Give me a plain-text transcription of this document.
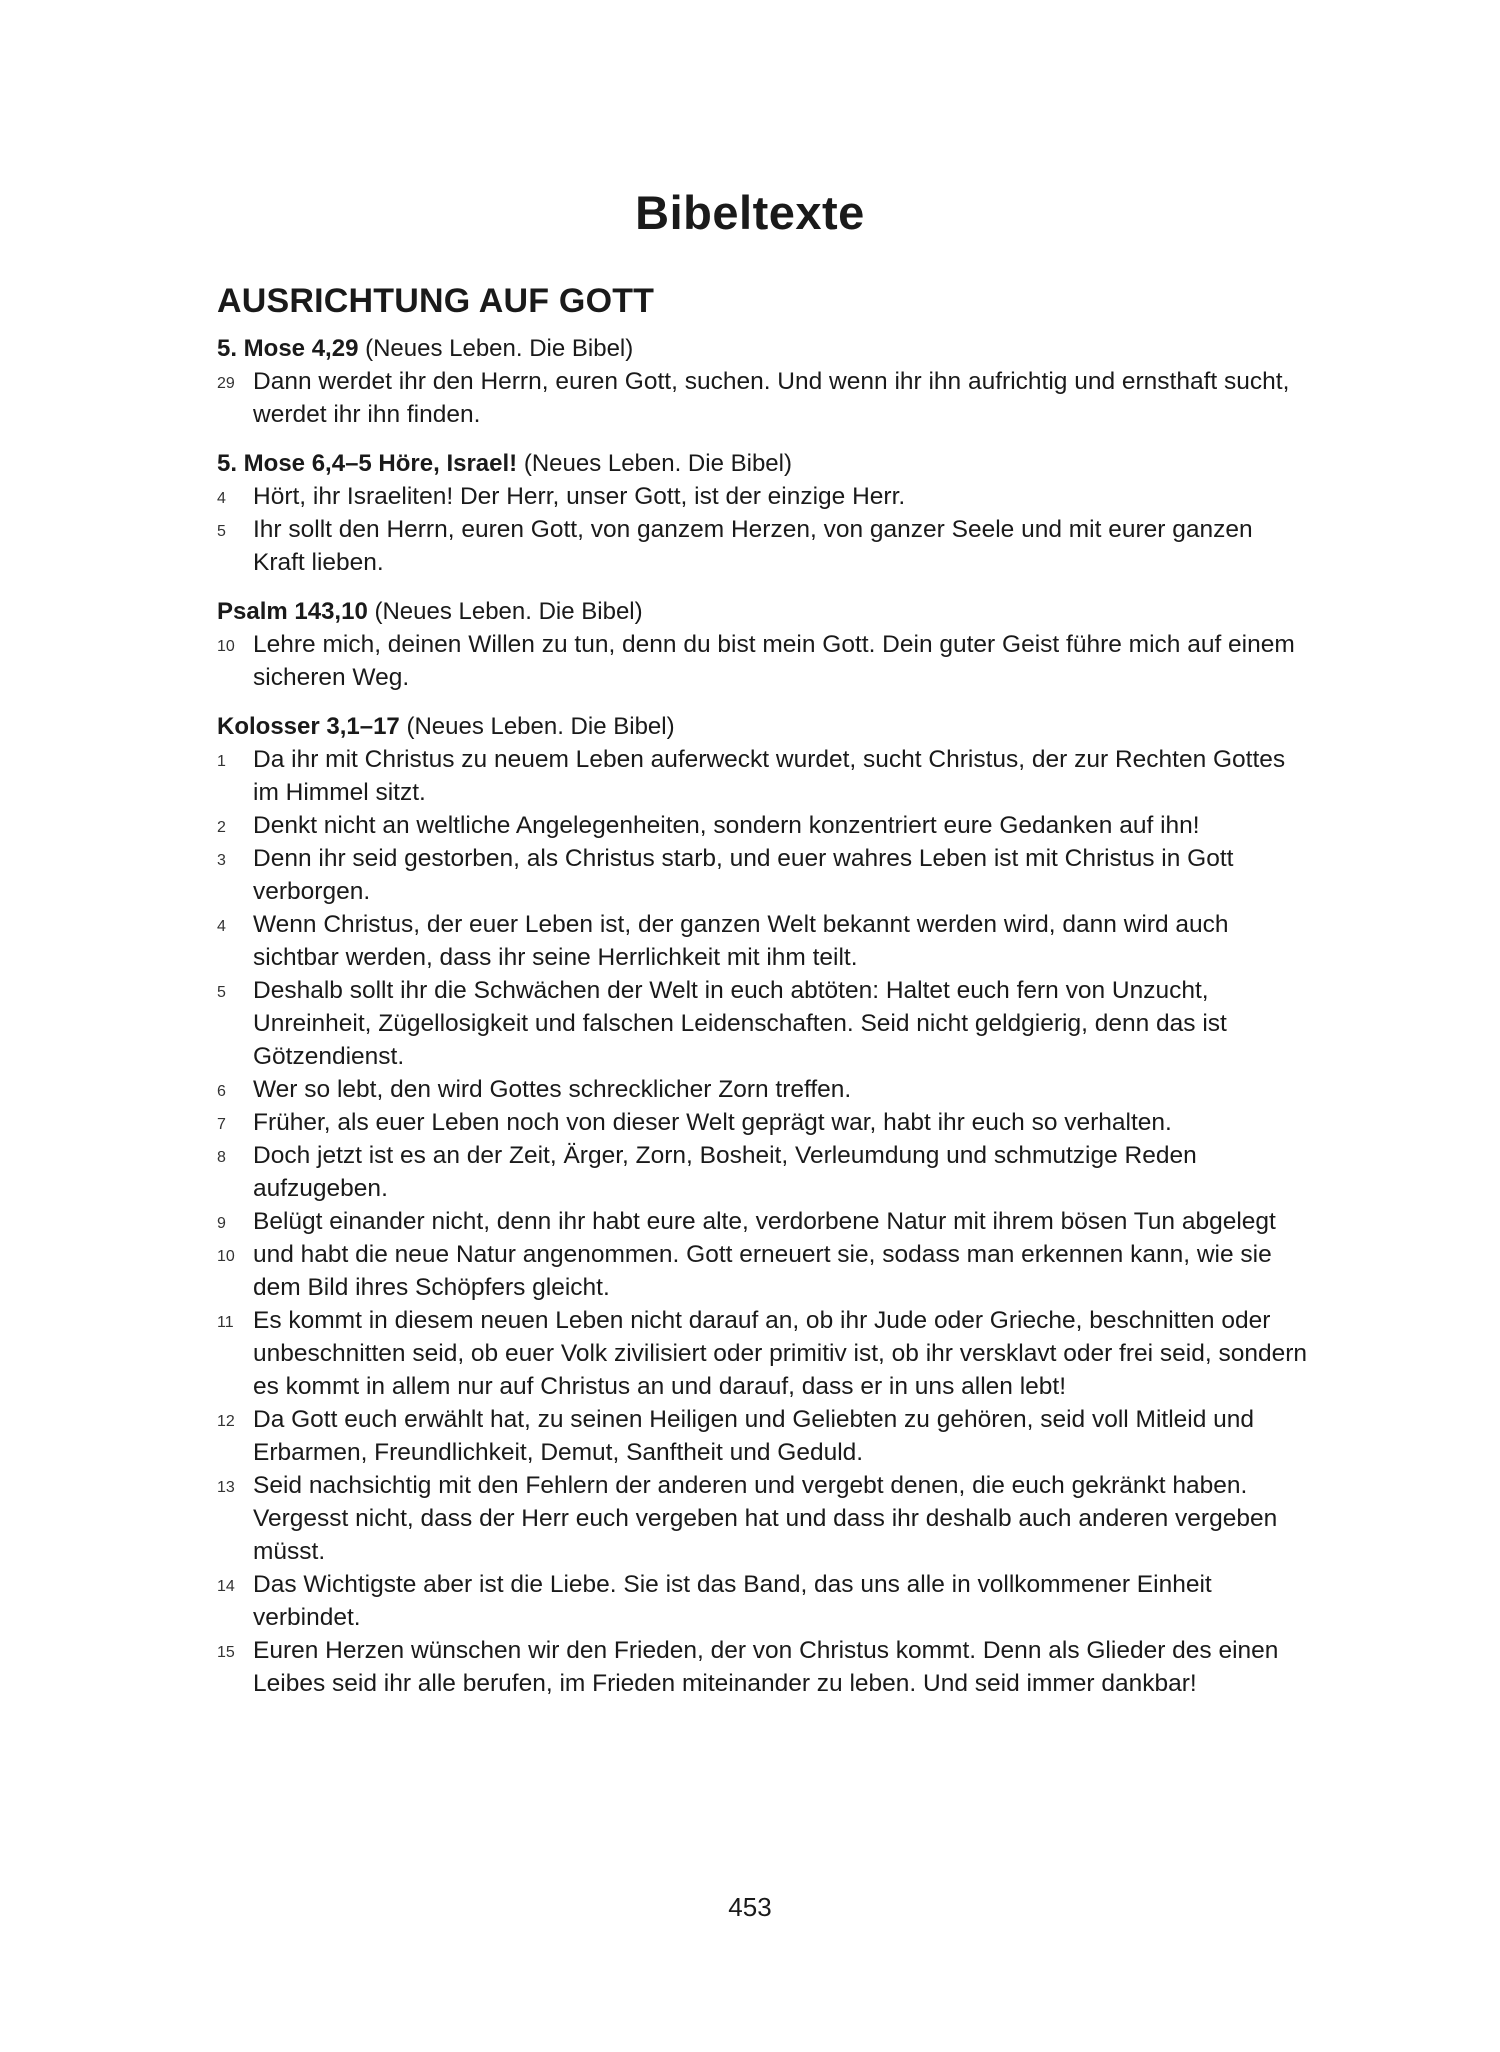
Bibeltexte
AUSRICHTUNG AUF GOTT
5. Mose 4,29 (Neues Leben. Die Bibel)
29 Dann werdet ihr den Herrn, euren Gott, suchen. Und wenn ihr ihn aufrichtig und ernsthaft sucht, werdet ihr ihn finden.
5. Mose 6,4–5 Höre, Israel! (Neues Leben. Die Bibel)
4 Hört, ihr Israeliten! Der Herr, unser Gott, ist der einzige Herr.
5 Ihr sollt den Herrn, euren Gott, von ganzem Herzen, von ganzer Seele und mit eurer ganzen Kraft lieben.
Psalm 143,10 (Neues Leben. Die Bibel)
10 Lehre mich, deinen Willen zu tun, denn du bist mein Gott. Dein guter Geist führe mich auf einem sicheren Weg.
Kolosser 3,1–17 (Neues Leben. Die Bibel)
1 Da ihr mit Christus zu neuem Leben auferweckt wurdet, sucht Christus, der zur Rechten Gottes im Himmel sitzt.
2 Denkt nicht an weltliche Angelegenheiten, sondern konzentriert eure Gedanken auf ihn!
3 Denn ihr seid gestorben, als Christus starb, und euer wahres Leben ist mit Christus in Gott verborgen.
4 Wenn Christus, der euer Leben ist, der ganzen Welt bekannt werden wird, dann wird auch sichtbar werden, dass ihr seine Herrlichkeit mit ihm teilt.
5 Deshalb sollt ihr die Schwächen der Welt in euch abtöten: Haltet euch fern von Unzucht, Unreinheit, Zügellosigkeit und falschen Leidenschaften. Seid nicht geldgierig, denn das ist Götzendienst.
6 Wer so lebt, den wird Gottes schrecklicher Zorn treffen.
7 Früher, als euer Leben noch von dieser Welt geprägt war, habt ihr euch so verhalten.
8 Doch jetzt ist es an der Zeit, Ärger, Zorn, Bosheit, Verleumdung und schmutzige Reden aufzugeben.
9 Belügt einander nicht, denn ihr habt eure alte, verdorbene Natur mit ihrem bösen Tun abgelegt
10 und habt die neue Natur angenommen. Gott erneuert sie, sodass man erkennen kann, wie sie dem Bild ihres Schöpfers gleicht.
11 Es kommt in diesem neuen Leben nicht darauf an, ob ihr Jude oder Grieche, beschnitten oder unbeschnitten seid, ob euer Volk zivilisiert oder primitiv ist, ob ihr versklavt oder frei seid, sondern es kommt in allem nur auf Christus an und darauf, dass er in uns allen lebt!
12 Da Gott euch erwählt hat, zu seinen Heiligen und Geliebten zu gehören, seid voll Mitleid und Erbarmen, Freundlichkeit, Demut, Sanftheit und Geduld.
13 Seid nachsichtig mit den Fehlern der anderen und vergebt denen, die euch gekränkt haben. Vergesst nicht, dass der Herr euch vergeben hat und dass ihr deshalb auch anderen vergeben müsst.
14 Das Wichtigste aber ist die Liebe. Sie ist das Band, das uns alle in vollkommener Einheit verbindet.
15 Euren Herzen wünschen wir den Frieden, der von Christus kommt. Denn als Glieder des einen Leibes seid ihr alle berufen, im Frieden miteinander zu leben. Und seid immer dankbar!
453
